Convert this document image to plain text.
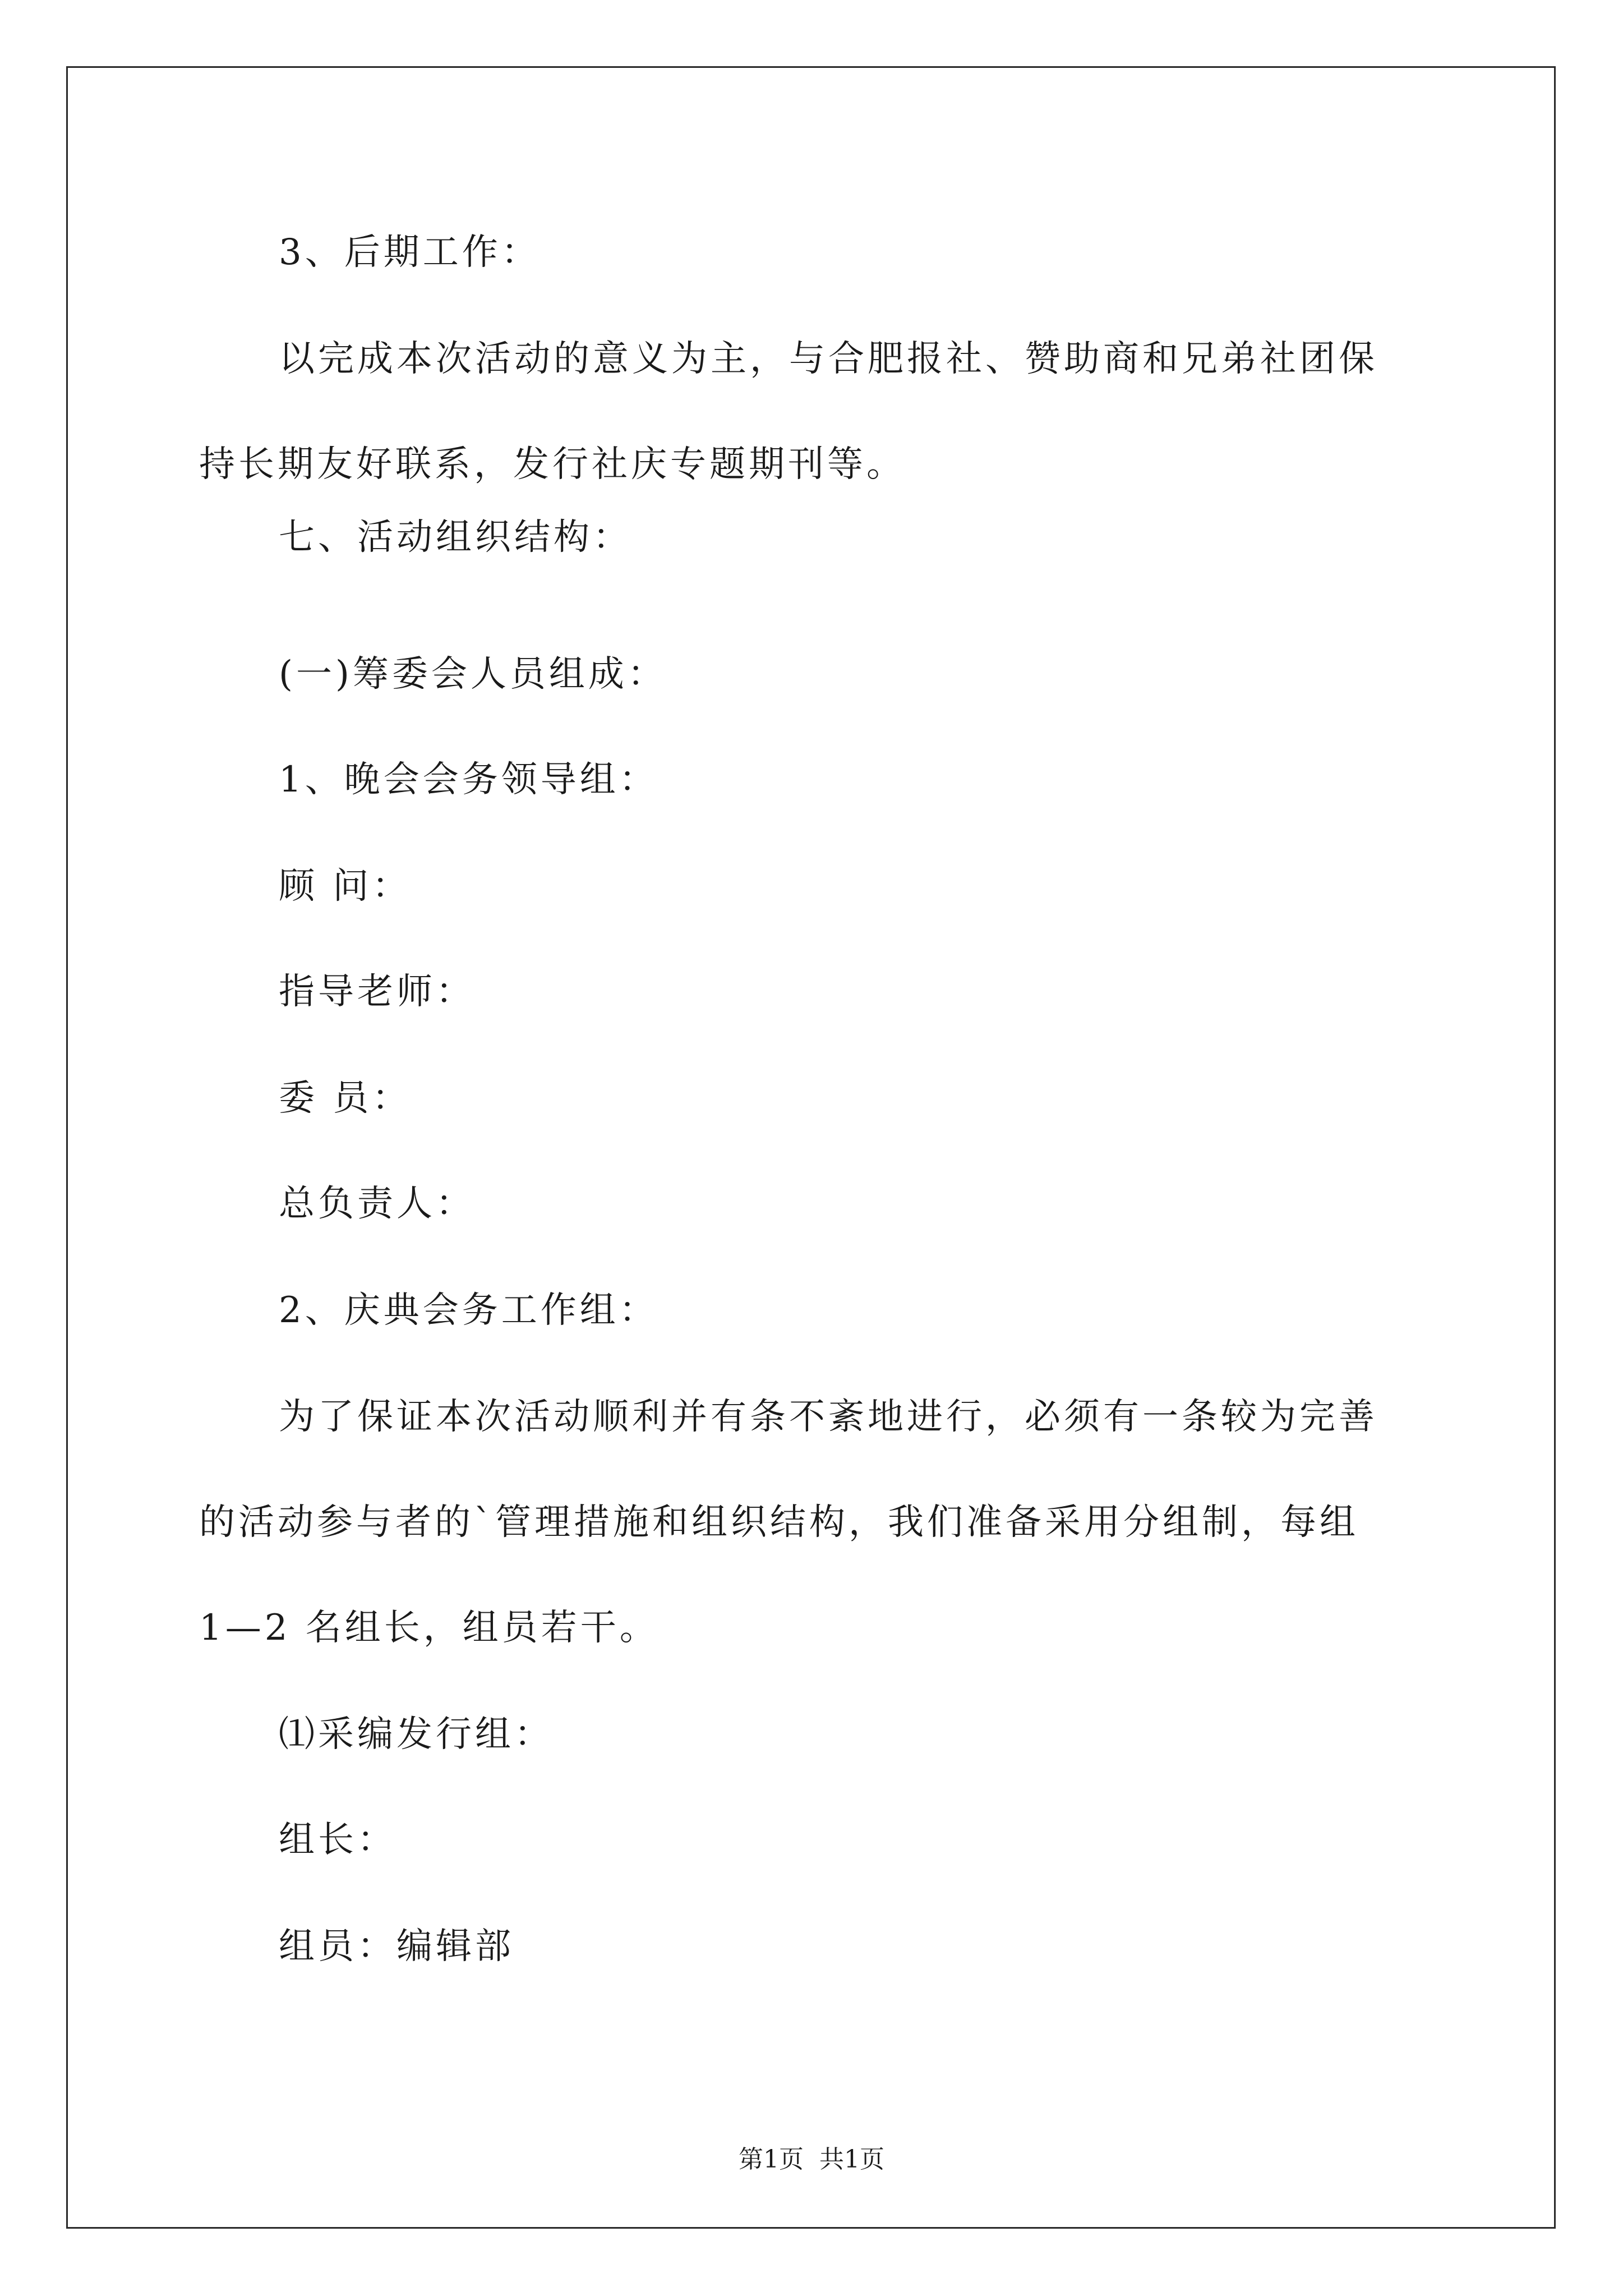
3、后期工作：

以完成本次活动的意义为主，与合肥报社、赞助商和兄弟社团保

持长期友好联系，发行社庆专题期刊等。

七、活动组织结构：

(一)筹委会人员组成：

1、晚会会务领导组：

顾 问：

指导老师：

委 员：

总负责人：

2、庆典会务工作组：

为了保证本次活动顺利并有条不紊地进行，必须有一条较为完善

的活动参与者的`管理措施和组织结构，我们准备采用分组制，每组

1—2 名组长，组员若干。

⑴采编发行组：

组长：

组员：编辑部

第1页  共1页
